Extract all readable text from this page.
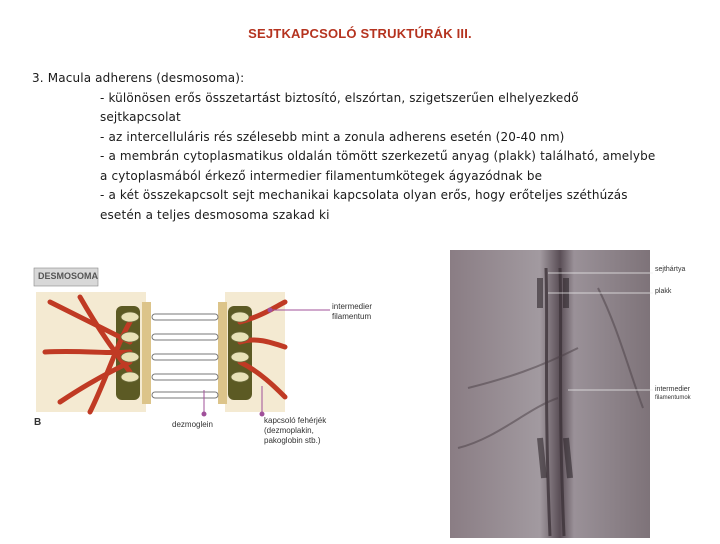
SEJTKAPCSOLÓ STRUKTÚRÁK III.
3. Macula adherens (desmosoma):
- különösen erős összetartást biztosító, elszórtan, szigetszerűen elhelyezkedő
sejtkapcsolat
- az intercelluláris rés szélesebb mint a zonula adherens esetén (20-40 nm)
- a membrán cytoplasmatikus oldalán tömött szerkezetű anyag (plakk) található, amelybe
a cytoplasmából érkező intermedier filamentumkötegek ágyazódnak be
- a két összekapcsolt sejt mechanikai kapcsolata olyan erős, hogy erőteljes széthúzás
esetén a teljes desmosoma szakad ki
DESMOSOMA
B
intermedier
filamentum
dezmoglein	kapcsoló fehérjék
(dezmoplakin,
pakoglobin stb.)
sejthártya
plakk
intermedier
filamentumok
